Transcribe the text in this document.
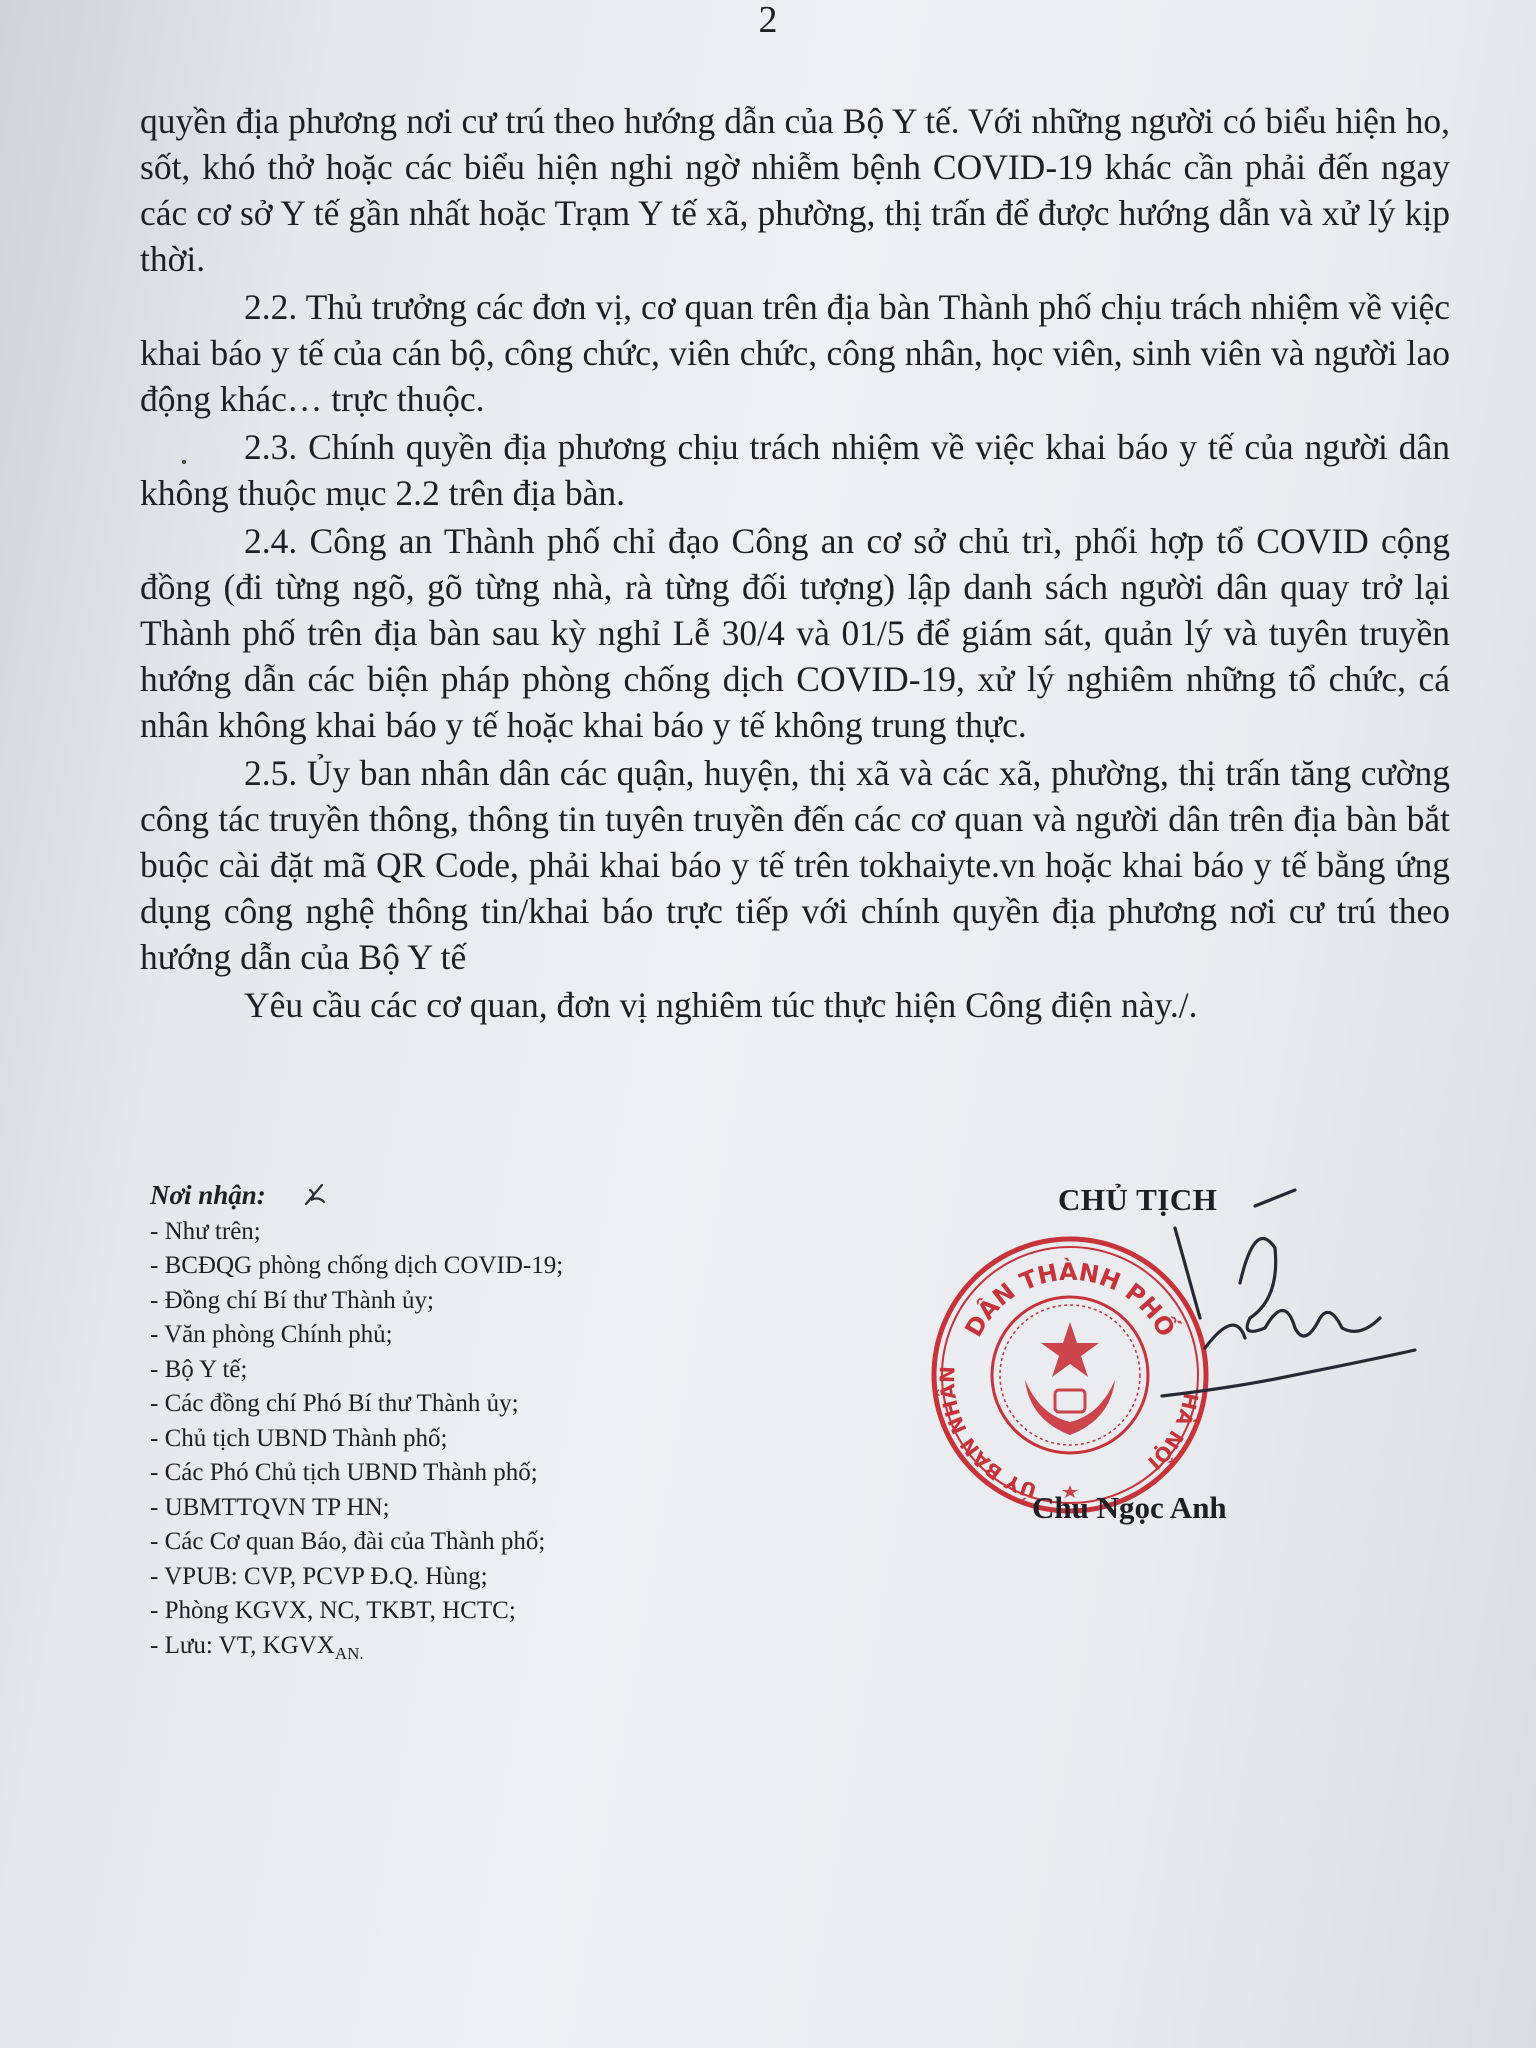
2

quyền địa phương nơi cư trú theo hướng dẫn của Bộ Y tế. Với những người có biểu hiện ho, sốt, khó thở hoặc các biểu hiện nghi ngờ nhiễm bệnh COVID-19 khác cần phải đến ngay các cơ sở Y tế gần nhất hoặc Trạm Y tế xã, phường, thị trấn để được hướng dẫn và xử lý kịp thời.

2.2. Thủ trưởng các đơn vị, cơ quan trên địa bàn Thành phố chịu trách nhiệm về việc khai báo y tế của cán bộ, công chức, viên chức, công nhân, học viên, sinh viên và người lao động khác… trực thuộc.

2.3. Chính quyền địa phương chịu trách nhiệm về việc khai báo y tế của người dân không thuộc mục 2.2 trên địa bàn.

2.4. Công an Thành phố chỉ đạo Công an cơ sở chủ trì, phối hợp tổ COVID cộng đồng (đi từng ngõ, gõ từng nhà, rà từng đối tượng) lập danh sách người dân quay trở lại Thành phố trên địa bàn sau kỳ nghỉ Lễ 30/4 và 01/5 để giám sát, quản lý và tuyên truyền hướng dẫn các biện pháp phòng chống dịch COVID-19, xử lý nghiêm những tổ chức, cá nhân không khai báo y tế hoặc khai báo y tế không trung thực.

2.5. Ủy ban nhân dân các quận, huyện, thị xã và các xã, phường, thị trấn tăng cường công tác truyền thông, thông tin tuyên truyền đến các cơ quan và người dân trên địa bàn bắt buộc cài đặt mã QR Code, phải khai báo y tế trên tokhaiyte.vn hoặc khai báo y tế bằng ứng dụng công nghệ thông tin/khai báo trực tiếp với chính quyền địa phương nơi cư trú theo hướng dẫn của Bộ Y tế

Yêu cầu các cơ quan, đơn vị nghiêm túc thực hiện Công điện này./.

Nơi nhận:
- Như trên;
- BCĐQG phòng chống dịch COVID-19;
- Đồng chí Bí thư Thành ủy;
- Văn phòng Chính phủ;
- Bộ Y tế;
- Các đồng chí Phó Bí thư Thành ủy;
- Chủ tịch UBND Thành phố;
- Các Phó Chủ tịch UBND Thành phố;
- UBMTTQVN TP HN;
- Các Cơ quan Báo, đài của Thành phố;
- VPUB: CVP, PCVP Đ.Q. Hùng;
- Phòng KGVX, NC, TKBT, HCTC;
- Lưu: VT, $KGVX_{AN.}$
CHỦ TỊCH
DÂN THÀNH PHỐ
ỦY BAN NHÂN
HÀ NỘI
Chu Ngọc Anh
